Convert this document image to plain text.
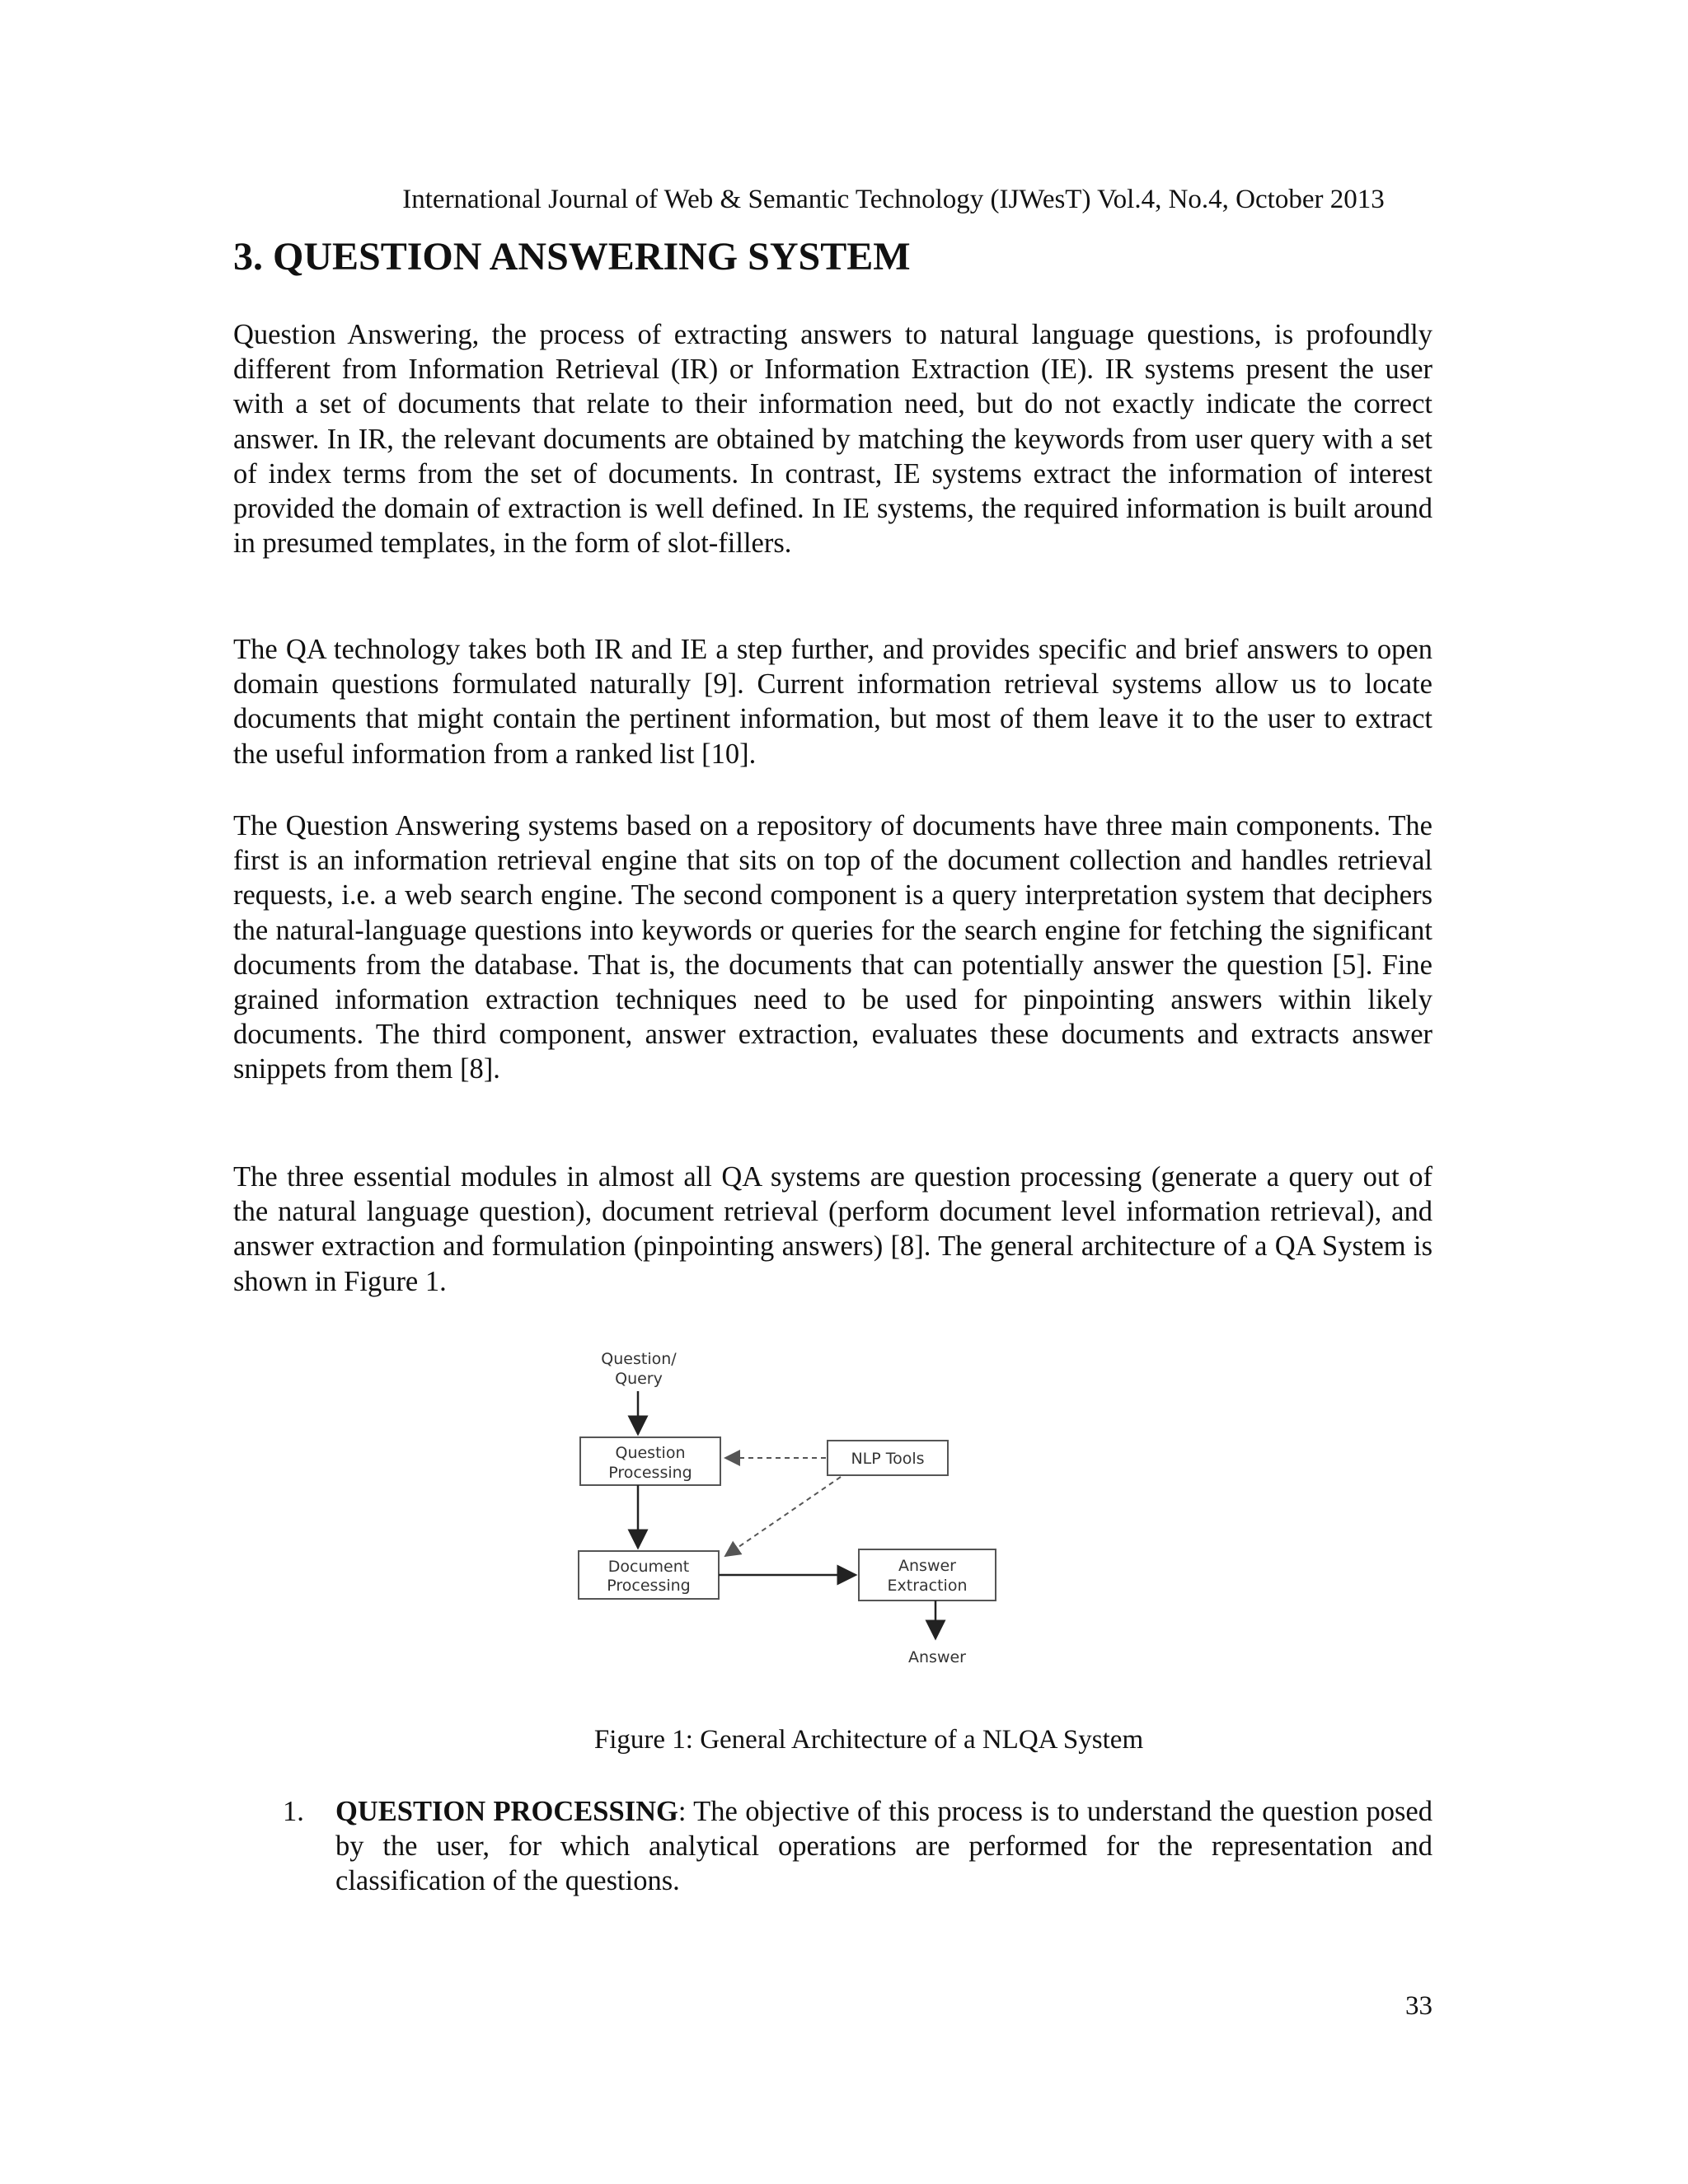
International Journal of Web & Semantic Technology (IJWesT) Vol.4, No.4, October 2013
3. QUESTION ANSWERING SYSTEM

Question Answering, the process of extracting answers to natural language questions, is profoundly different from Information Retrieval (IR) or Information Extraction (IE). IR systems present the user with a set of documents that relate to their information need, but do not exactly indicate the correct answer. In IR, the relevant documents are obtained by matching the keywords from user query with a set of index terms from the set of documents. In contrast, IE systems extract the information of interest provided the domain of extraction is well defined. In IE systems, the required information is built around in presumed templates, in the form of slot-fillers.

The QA technology takes both IR and IE a step further, and provides specific and brief answers to open domain questions formulated naturally [9]. Current information retrieval systems allow us to locate documents that might contain the pertinent information, but most of them leave it to the user to extract the useful information from a ranked list [10].

The Question Answering systems based on a repository of documents have three main components. The first is an information retrieval engine that sits on top of the document collection and handles retrieval requests, i.e. a web search engine. The second component is a query interpretation system that deciphers the natural-language questions into keywords or queries for the search engine for fetching the significant documents from the database. That is, the documents that can potentially answer the question [5]. Fine grained information extraction techniques need to be used for pinpointing answers within likely documents. The third component, answer extraction, evaluates these documents and extracts answer snippets from them [8].

The three essential modules in almost all QA systems are question processing (generate a query out of the natural language question), document retrieval (perform document level information retrieval), and answer extraction and formulation (pinpointing answers) [8]. The general architecture of a QA System is shown in Figure 1.

Question/
Query
Question
Processing
NLP Tools
Document
Processing
Answer
Extraction
Answer

Figure 1: General Architecture of a NLQA System

1. QUESTION PROCESSING: The objective of this process is to understand the question posed by the user, for which analytical operations are performed for the representation and classification of the questions.

33
